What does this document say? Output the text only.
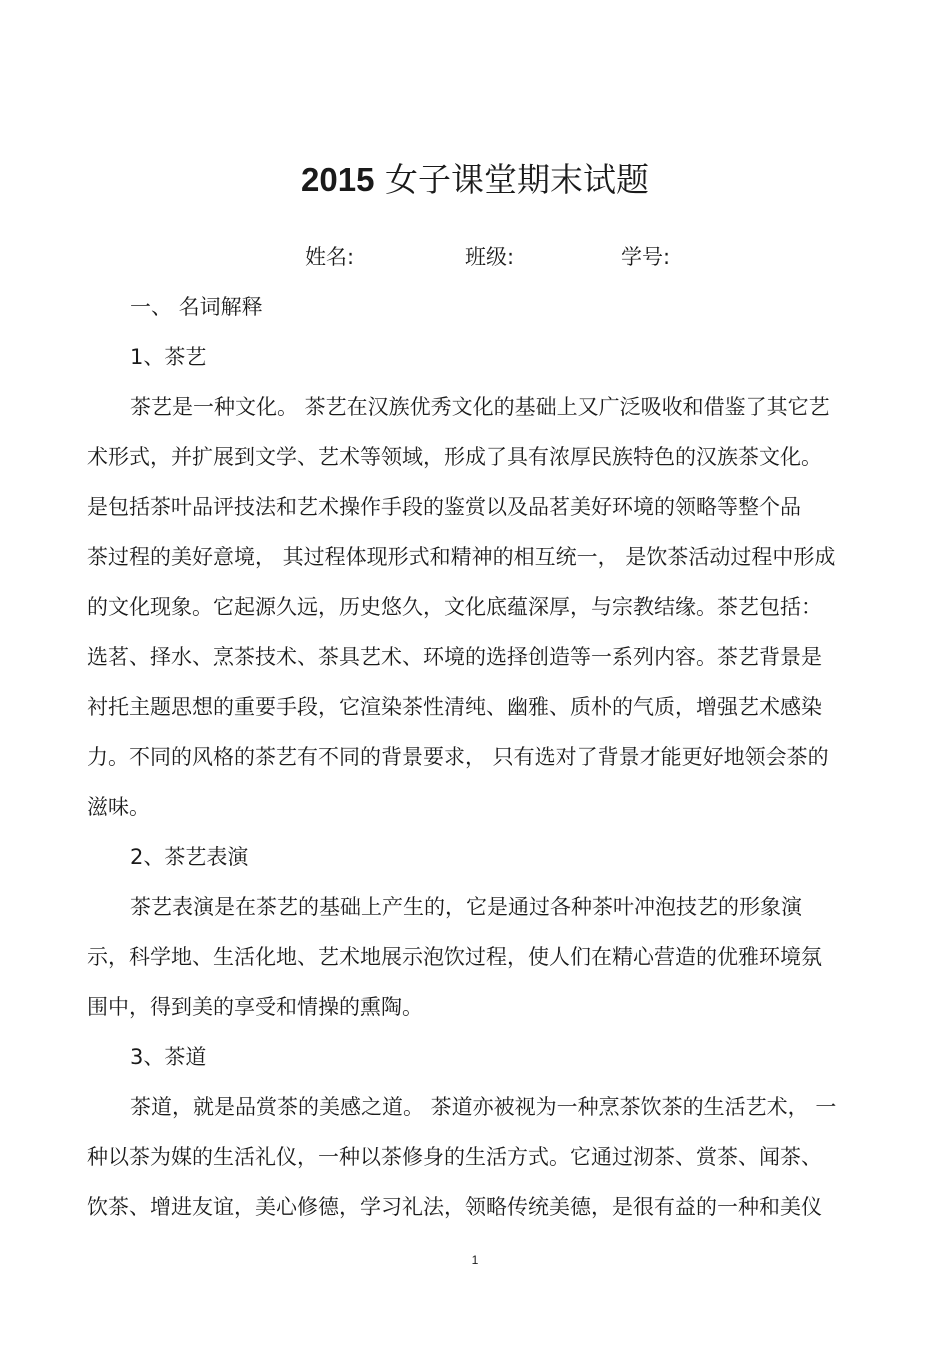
2015 女子课堂期末试题
姓名:	班级:	学号:
一、 名词解释
1、茶艺
茶艺是一种文化。 茶艺在汉族优秀文化的基础上又广泛吸收和借鉴了其它艺
术形式，并扩展到文学、艺术等领域，形成了具有浓厚民族特色的汉族茶文化。
是包括茶叶品评技法和艺术操作手段的鉴赏以及品茗美好环境的领略等整个品
茶过程的美好意境， 其过程体现形式和精神的相互统一， 是饮茶活动过程中形成
的文化现象。它起源久远，历史悠久，文化底蕴深厚，与宗教结缘。茶艺包括：
选茗、择水、烹茶技术、茶具艺术、环境的选择创造等一系列内容。茶艺背景是
衬托主题思想的重要手段，它渲染茶性清纯、幽雅、质朴的气质，增强艺术感染
力。不同的风格的茶艺有不同的背景要求， 只有选对了背景才能更好地领会茶的
滋味。
2、茶艺表演
茶艺表演是在茶艺的基础上产生的，它是通过各种茶叶冲泡技艺的形象演
示，科学地、生活化地、艺术地展示泡饮过程，使人们在精心营造的优雅环境氛
围中，得到美的享受和情操的熏陶。
3、茶道
茶道，就是品赏茶的美感之道。 茶道亦被视为一种烹茶饮茶的生活艺术， 一
种以茶为媒的生活礼仪，一种以茶修身的生活方式。它通过沏茶、赏茶、闻茶、
饮茶、增进友谊，美心修德，学习礼法，领略传统美德，是很有益的一种和美仪
1
